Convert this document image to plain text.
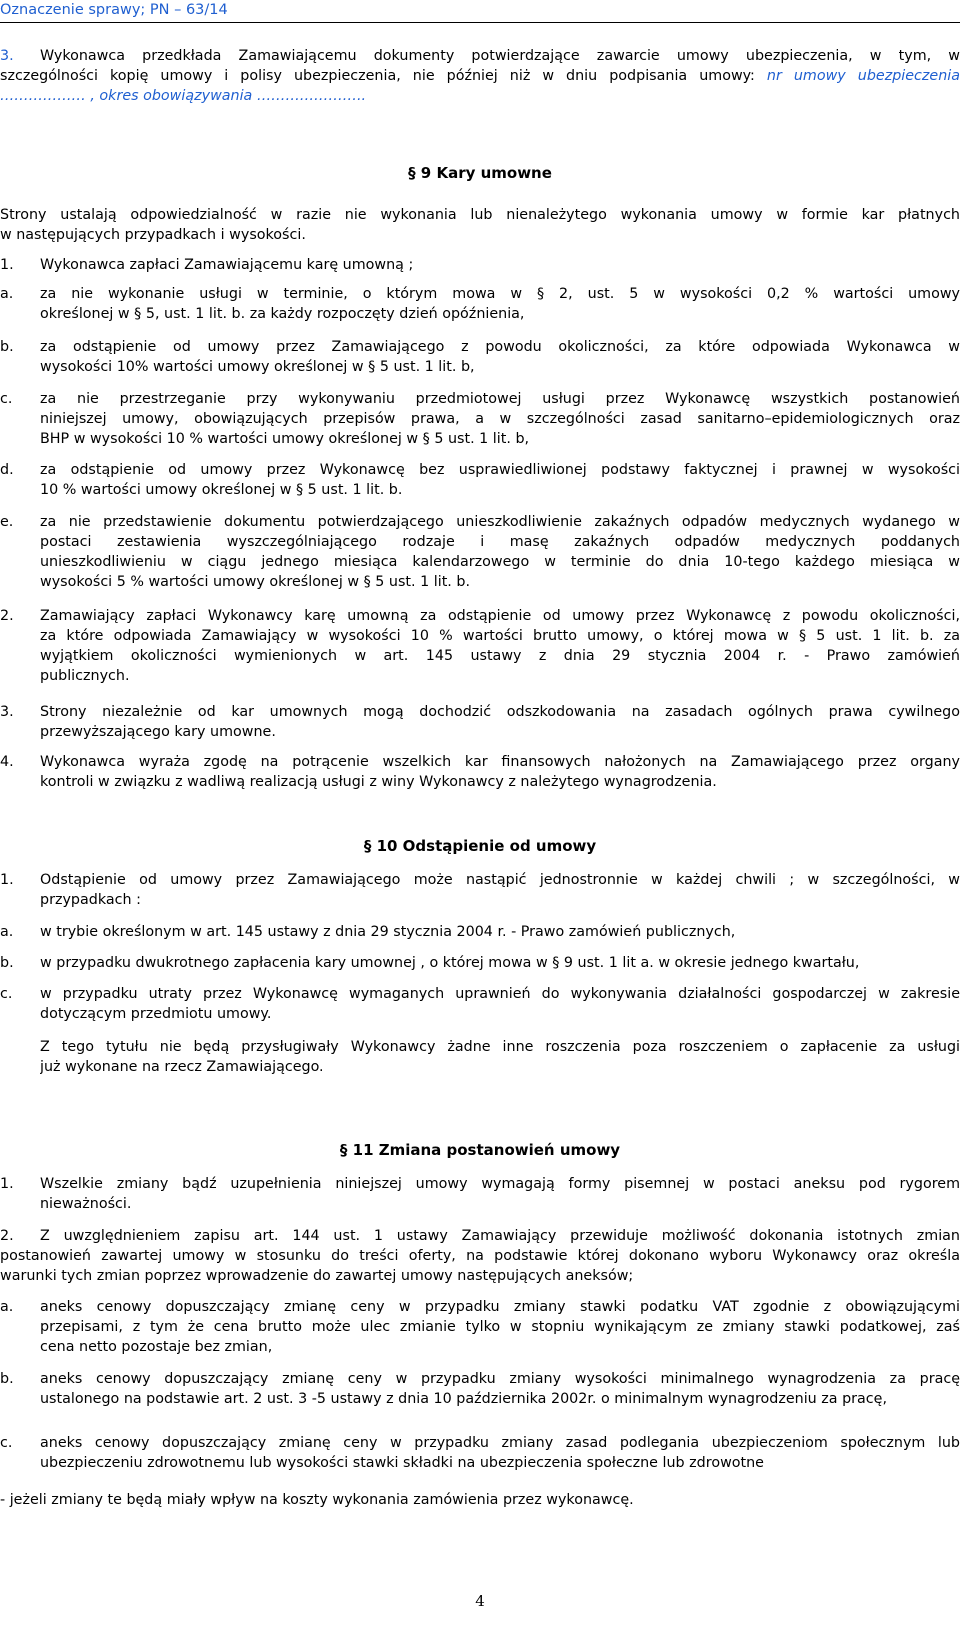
Oznaczenie sprawy; PN – 63/14
3. Wykonawca przedkłada Zamawiającemu dokumenty potwierdzające zawarcie umowy ubezpieczenia, w tym, w
szczególności kopię umowy i polisy ubezpieczenia, nie później niż w dniu podpisania umowy: nr umowy ubezpieczenia
……………… , okres obowiązywania …………………..
§ 9 Kary umowne
Strony ustalają odpowiedzialność w razie nie wykonania lub nienależytego wykonania umowy w formie kar płatnych
w następujących przypadkach i wysokości.
1. Wykonawca zapłaci Zamawiającemu karę umowną ;
a. za nie wykonanie usługi w terminie, o którym mowa w § 2, ust. 5 w wysokości 0,2 % wartości umowy
określonej w § 5, ust. 1 lit. b. za każdy rozpoczęty dzień opóźnienia,
b. za odstąpienie od umowy przez Zamawiającego z powodu okoliczności, za które odpowiada Wykonawca w
wysokości 10% wartości umowy określonej w § 5 ust. 1 lit. b,
c. za nie przestrzeganie przy wykonywaniu przedmiotowej usługi przez Wykonawcę wszystkich postanowień
niniejszej umowy, obowiązujących przepisów prawa, a w szczególności zasad sanitarno–epidemiologicznych oraz
BHP w wysokości 10 % wartości umowy określonej w § 5 ust. 1 lit. b,
d. za odstąpienie od umowy przez Wykonawcę bez usprawiedliwionej podstawy faktycznej i prawnej w wysokości
10 % wartości umowy określonej w § 5 ust. 1 lit. b.
e. za nie przedstawienie dokumentu potwierdzającego unieszkodliwienie zakaźnych odpadów medycznych wydanego w
postaci zestawienia wyszczególniającego rodzaje i masę zakaźnych odpadów medycznych poddanych
unieszkodliwieniu w ciągu jednego miesiąca kalendarzowego w terminie do dnia 10-tego każdego miesiąca w
wysokości 5 % wartości umowy określonej w § 5 ust. 1 lit. b.
2. Zamawiający zapłaci Wykonawcy karę umowną za odstąpienie od umowy przez Wykonawcę z powodu okoliczności,
za które odpowiada Zamawiający w wysokości 10 % wartości brutto umowy, o której mowa w § 5 ust. 1 lit. b. za
wyjątkiem okoliczności wymienionych w art. 145 ustawy z dnia 29 stycznia 2004 r. - Prawo zamówień
publicznych.
3. Strony niezależnie od kar umownych mogą dochodzić odszkodowania na zasadach ogólnych prawa cywilnego
przewyższającego kary umowne.
4. Wykonawca wyraża zgodę na potrącenie wszelkich kar finansowych nałożonych na Zamawiającego przez organy
kontroli w związku z wadliwą realizacją usługi z winy Wykonawcy z należytego wynagrodzenia.
§ 10 Odstąpienie od umowy
1. Odstąpienie od umowy przez Zamawiającego może nastąpić jednostronnie w każdej chwili ; w szczególności, w
przypadkach :
a. w trybie określonym w art. 145 ustawy z dnia 29 stycznia 2004 r. - Prawo zamówień publicznych,
b. w przypadku dwukrotnego zapłacenia kary umownej , o której mowa w § 9 ust. 1 lit a. w okresie jednego kwartału,
c. w przypadku utraty przez Wykonawcę wymaganych uprawnień do wykonywania działalności gospodarczej w zakresie
dotyczącym przedmiotu umowy.
Z tego tytułu nie będą przysługiwały Wykonawcy żadne inne roszczenia poza roszczeniem o zapłacenie za usługi
już wykonane na rzecz Zamawiającego.
§ 11 Zmiana postanowień umowy
1. Wszelkie zmiany bądź uzupełnienia niniejszej umowy wymagają formy pisemnej w postaci aneksu pod rygorem
nieważności.
2. Z uwzględnieniem zapisu art. 144 ust. 1 ustawy Zamawiający przewiduje możliwość dokonania istotnych zmian
postanowień zawartej umowy w stosunku do treści oferty, na podstawie której dokonano wyboru Wykonawcy oraz określa
warunki tych zmian poprzez wprowadzenie do zawartej umowy następujących aneksów;
a. aneks cenowy dopuszczający zmianę ceny w przypadku zmiany stawki podatku VAT zgodnie z obowiązującymi
przepisami, z tym że cena brutto może ulec zmianie tylko w stopniu wynikającym ze zmiany stawki podatkowej, zaś
cena netto pozostaje bez zmian,
b. aneks cenowy dopuszczający zmianę ceny w przypadku zmiany wysokości minimalnego wynagrodzenia za pracę
ustalonego na podstawie art. 2 ust. 3 -5 ustawy z dnia 10 października 2002r. o minimalnym wynagrodzeniu za pracę,
c. aneks cenowy dopuszczający zmianę ceny w przypadku zmiany zasad podlegania ubezpieczeniom społecznym lub
ubezpieczeniu zdrowotnemu lub wysokości stawki składki na ubezpieczenia społeczne lub zdrowotne
- jeżeli zmiany te będą miały wpływ na koszty wykonania zamówienia przez wykonawcę.
4
